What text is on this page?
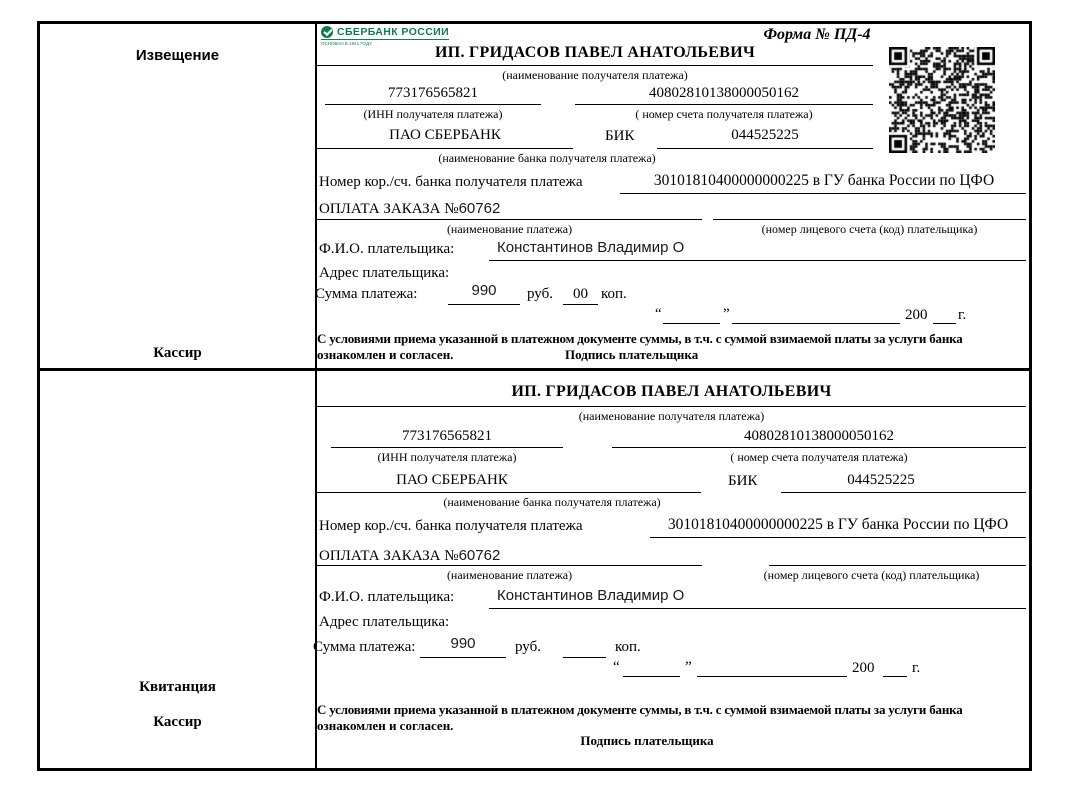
Извещение
Кассир
СБЕРБАНК РОССИИ
ОСНОВАН В 1841 ГОДУ
Форма № ПД-4
ИП. ГРИДАСОВ ПАВЕЛ АНАТОЛЬЕВИЧ
(наименование получателя платежа)
773176565821
(ИНН получателя платежа)
40802810138000050162
( номер счета получателя платежа)
ПАО СБЕРБАНК	БИК	044525225
(наименование банка получателя платежа)
Номер кор./сч. банка получателя платежа	30101810400000000225 в ГУ банка России по ЦФО
ОПЛАТА ЗАКАЗА №60762
(наименование платежа)	(номер лицевого счета (код) плательщика)
Ф.И.О. плательщика:	Константинов Владимир О
Адрес плательщика:
Сумма платежа:	990	руб.	00 коп.
“	”	200 г.
С условиями приема указанной в платежном документе суммы, в т.ч. с суммой взимаемой платы за услуги банка
ознакомлен и согласен.	Подпись плательщика
Квитанция
Кассир
ИП. ГРИДАСОВ ПАВЕЛ АНАТОЛЬЕВИЧ
(наименование получателя платежа)
773176565821
(ИНН получателя платежа)
40802810138000050162
( номер счета получателя платежа)
ПАО СБЕРБАНК	БИК	044525225
(наименование банка получателя платежа)
Номер кор./сч. банка получателя платежа	30101810400000000225 в ГУ банка России по ЦФО
ОПЛАТА ЗАКАЗА №60762
(наименование платежа)	(номер лицевого счета (код) плательщика)
Ф.И.О. плательщика:	Константинов Владимир О
Адрес плательщика:
Сумма платежа:	990	руб.	коп.
“	”	200	г.
С условиями приема указанной в платежном документе суммы, в т.ч. с суммой взимаемой платы за услуги банка
ознакомлен и согласен.
Подпись плательщика
